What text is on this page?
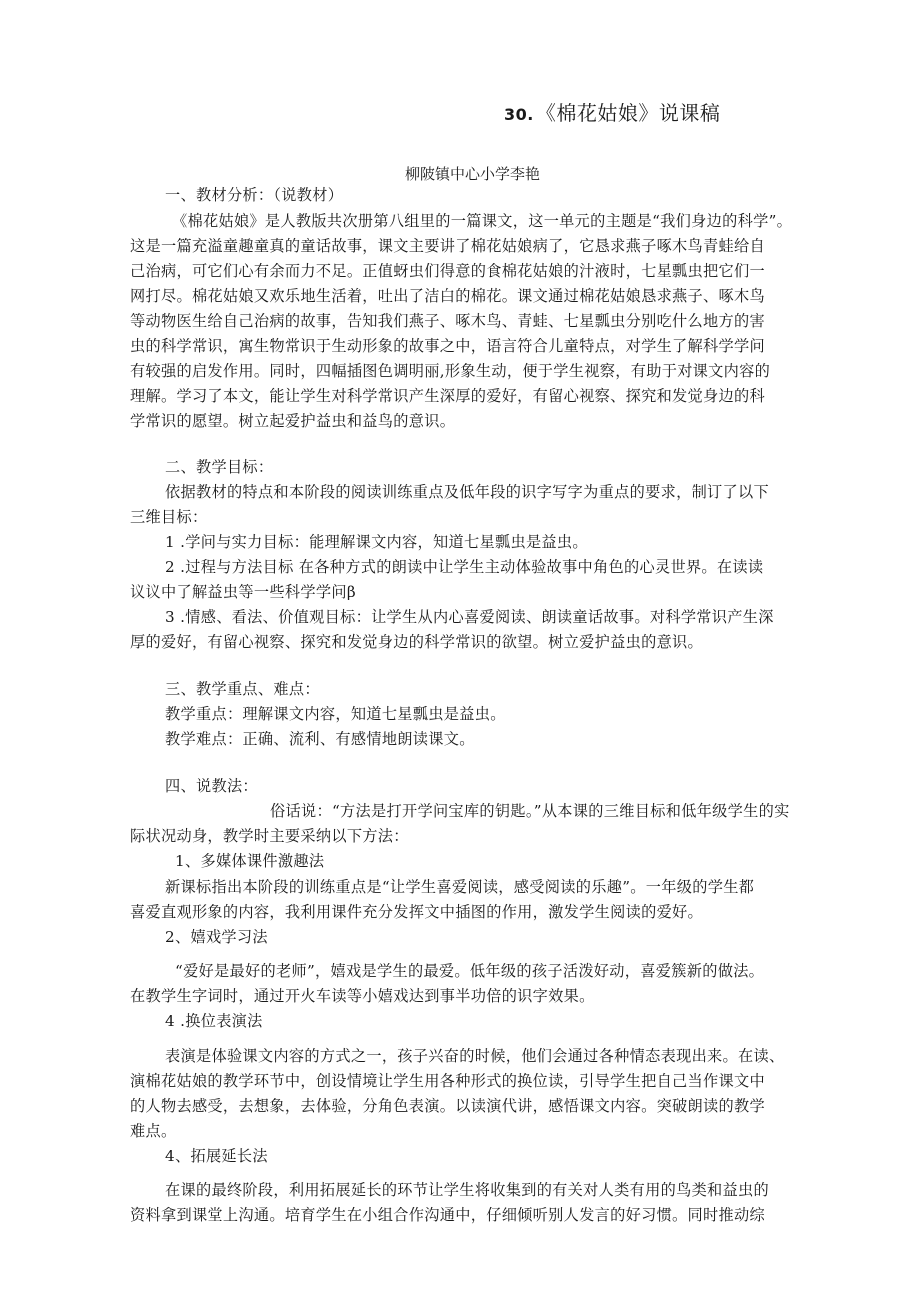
30. 《棉花姑娘》说课稿
柳陂镇中心小学李艳
一、教材分析：（说教材）
《棉花姑娘》是人教版共次册第八组里的一篇课文，这一单元的主题是“我们身边的科学”。
这是一篇充溢童趣童真的童话故事，课文主要讲了棉花姑娘病了，它恳求燕子啄木鸟青蛙给自
己治病，可它们心有余而力不足。正值蚜虫们得意的食棉花姑娘的汁液时，七星瓢虫把它们一
网打尽。棉花姑娘又欢乐地生活着，吐出了洁白的棉花。课文通过棉花姑娘恳求燕子、啄木鸟
等动物医生给自己治病的故事，告知我们燕子、啄木鸟、青蛙、七星瓢虫分别吃什么地方的害
虫的科学常识，寓生物常识于生动形象的故事之中，语言符合儿童特点，对学生了解科学学问
有较强的启发作用。同时，四幅插图色调明丽,形象生动，便于学生视察，有助于对课文内容的
理解。学习了本文，能让学生对科学常识产生深厚的爱好，有留心视察、探究和发觉身边的科
学常识的愿望。树立起爱护益虫和益鸟的意识。
二、教学目标：
依据教材的特点和本阶段的阅读训练重点及低年段的识字写字为重点的要求，制订了以下
三维目标：
1 .学问与实力目标：能理解课文内容，知道七星瓢虫是益虫。
2 .过程与方法目标 在各种方式的朗读中让学生主动体验故事中角色的心灵世界。在读读
议议中了解益虫等一些科学学问β
3 .情感、看法、价值观目标：让学生从内心喜爱阅读、朗读童话故事。对科学常识产生深
厚的爱好，有留心视察、探究和发觉身边的科学常识的欲望。树立爱护益虫的意识。
三、教学重点、难点：
教学重点：理解课文内容，知道七星瓢虫是益虫。
教学难点：正确、流利、有感情地朗读课文。
四、说教法：
俗话说：“方法是打开学问宝库的钥匙。”从本课的三维目标和低年级学生的实
际状况动身，教学时主要采纳以下方法：
1、多媒体课件激趣法
新课标指出本阶段的训练重点是“让学生喜爱阅读，感受阅读的乐趣”。一年级的学生都
喜爱直观形象的内容，我利用课件充分发挥文中插图的作用，激发学生阅读的爱好。
2、嬉戏学习法
“爱好是最好的老师”，嬉戏是学生的最爱。低年级的孩子活泼好动，喜爱簇新的做法。
在教学生字词时，通过开火车读等小嬉戏达到事半功倍的识字效果。
4 .换位表演法
表演是体验课文内容的方式之一，孩子兴奋的时候，他们会通过各种情态表现出来。在读、
演棉花姑娘的教学环节中，创设情境让学生用各种形式的换位读，引导学生把自己当作课文中
的人物去感受，去想象，去体验，分角色表演。以读演代讲，感悟课文内容。突破朗读的教学
难点。
4、拓展延长法
在课的最终阶段，利用拓展延长的环节让学生将收集到的有关对人类有用的鸟类和益虫的
资料拿到课堂上沟通。培育学生在小组合作沟通中，仔细倾听别人发言的好习惯。同时推动综
